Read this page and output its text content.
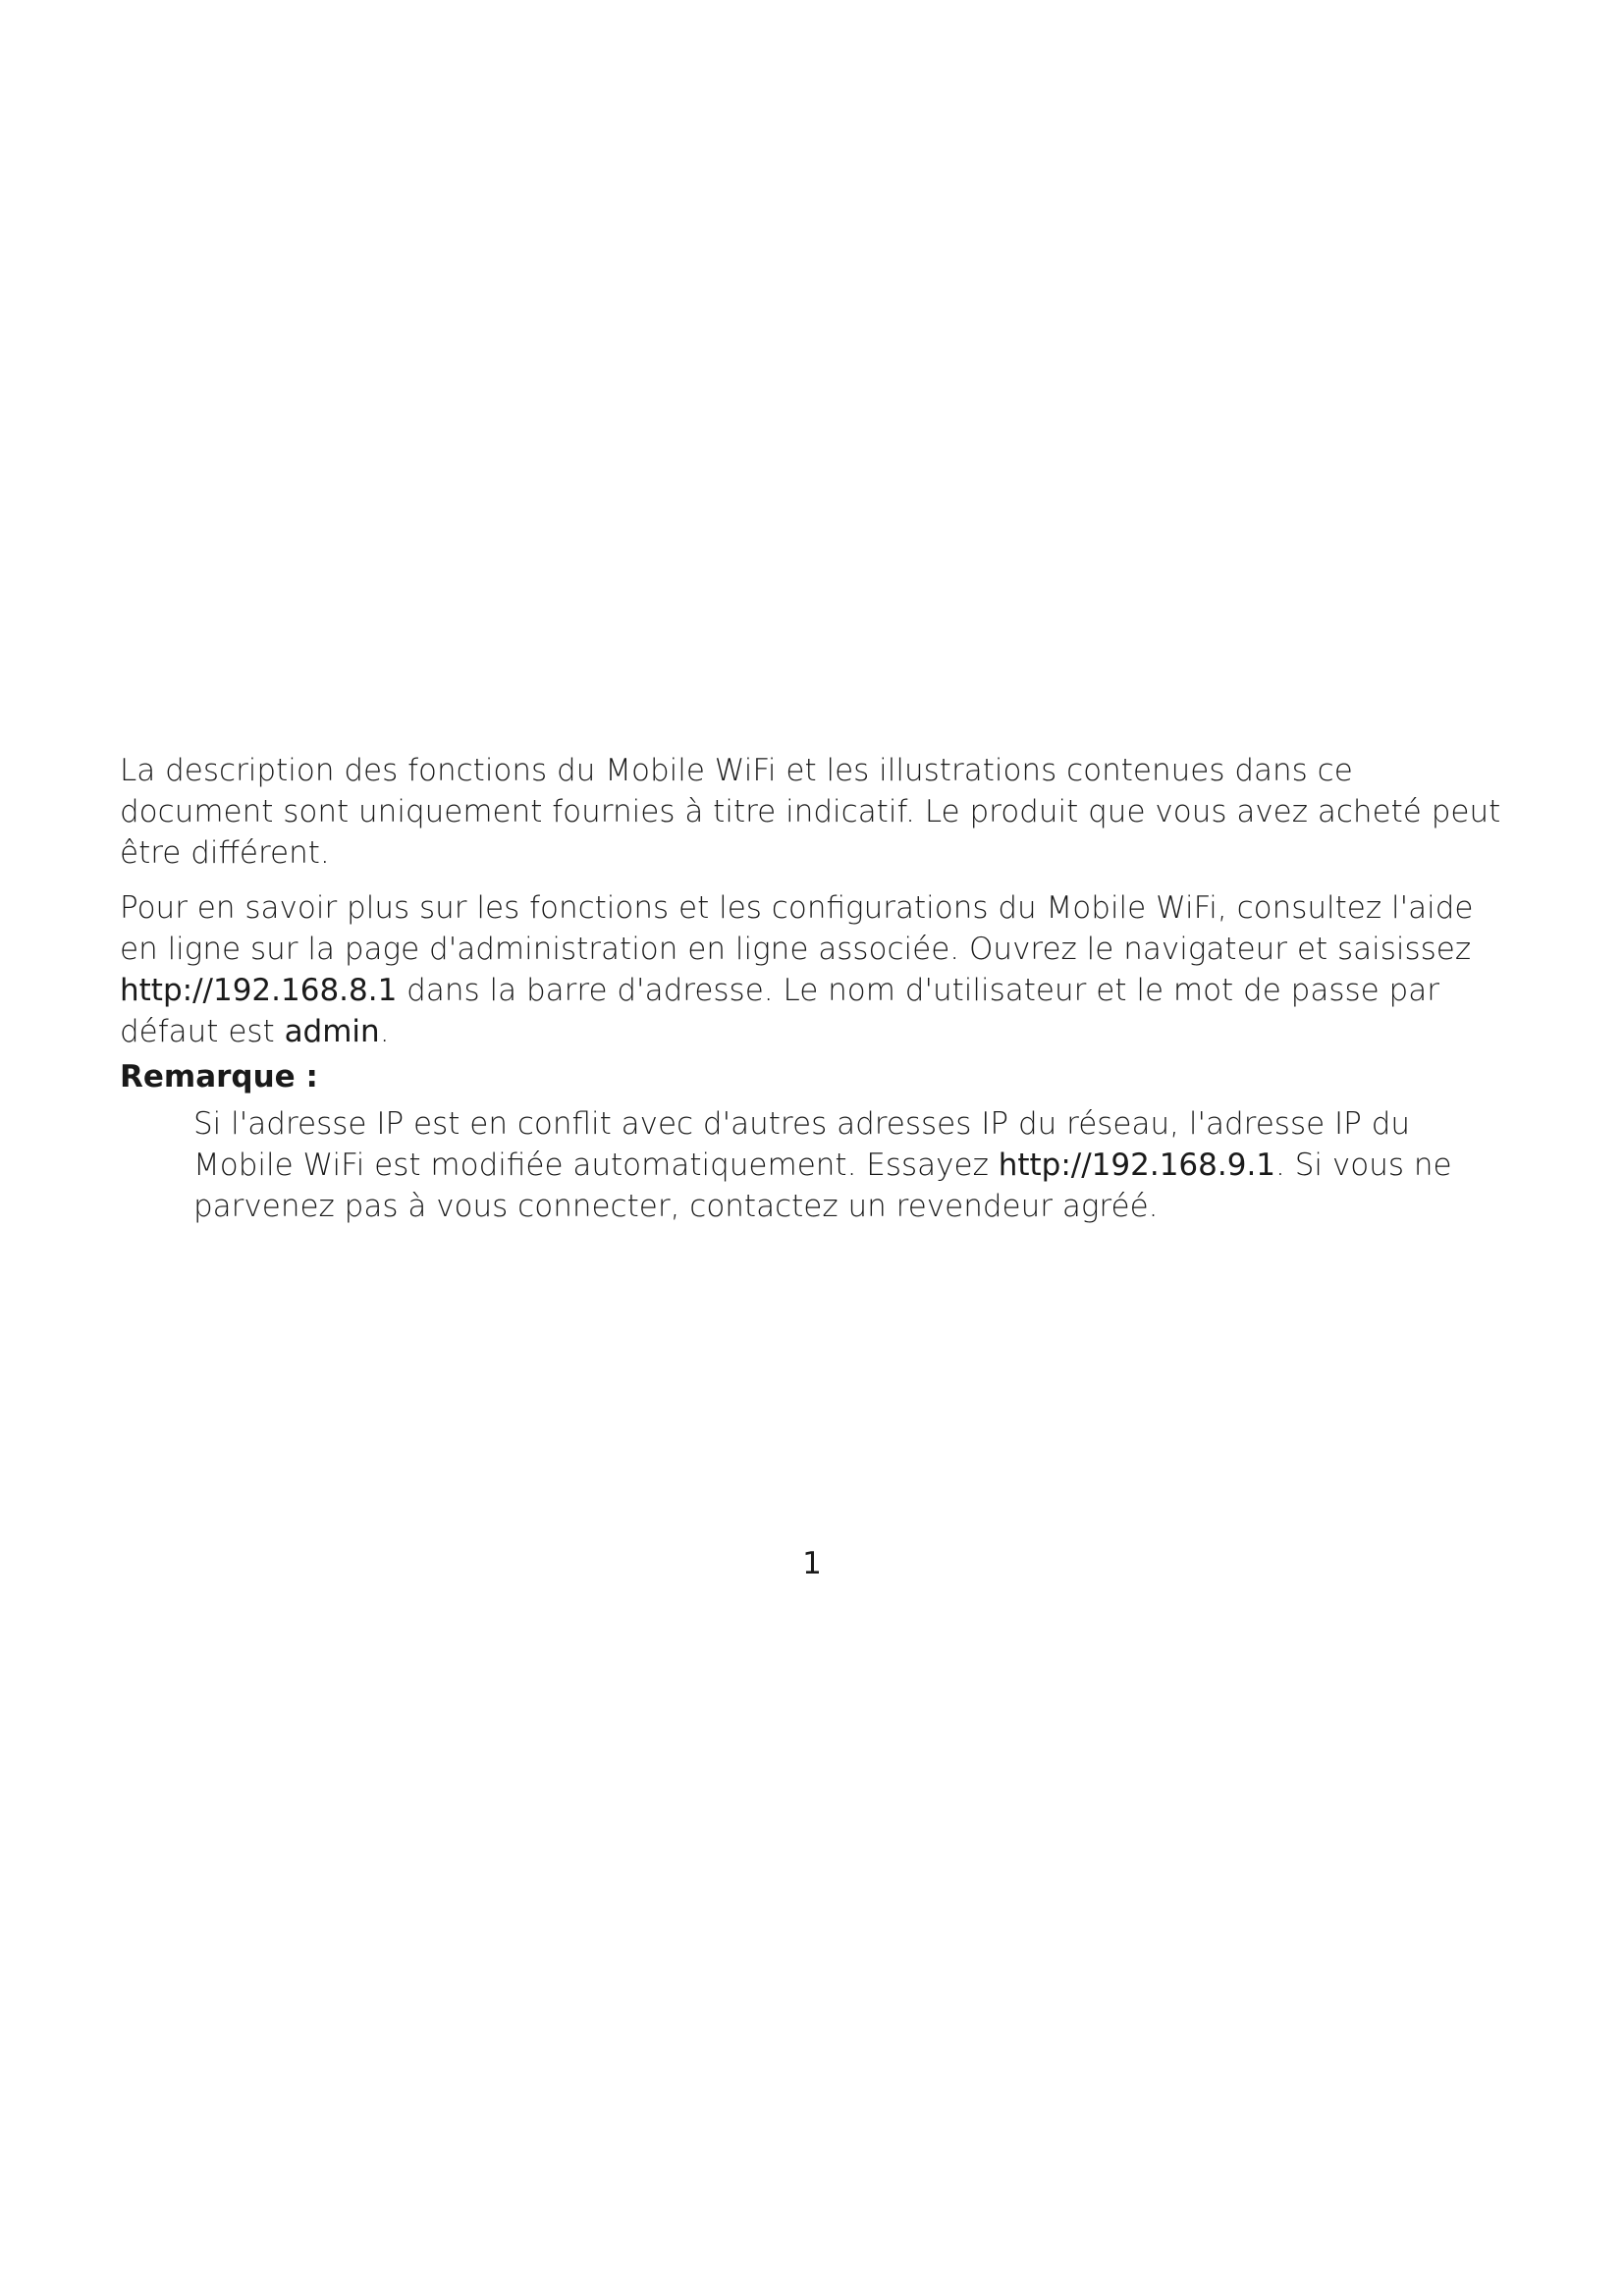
La description des fonctions du Mobile WiFi et les illustrations contenues dans ce document sont uniquement fournies à titre indicatif. Le produit que vous avez acheté peut être différent.

Pour en savoir plus sur les fonctions et les configurations du Mobile WiFi, consultez l'aide en ligne sur la page d'administration en ligne associée. Ouvrez le navigateur et saisissez http://192.168.8.1 dans la barre d'adresse. Le nom d'utilisateur et le mot de passe par défaut est admin.

Remarque :
Si l'adresse IP est en conflit avec d'autres adresses IP du réseau, l'adresse IP du Mobile WiFi est modifiée automatiquement. Essayez http://192.168.9.1. Si vous ne parvenez pas à vous connecter, contactez un revendeur agréé.
1
